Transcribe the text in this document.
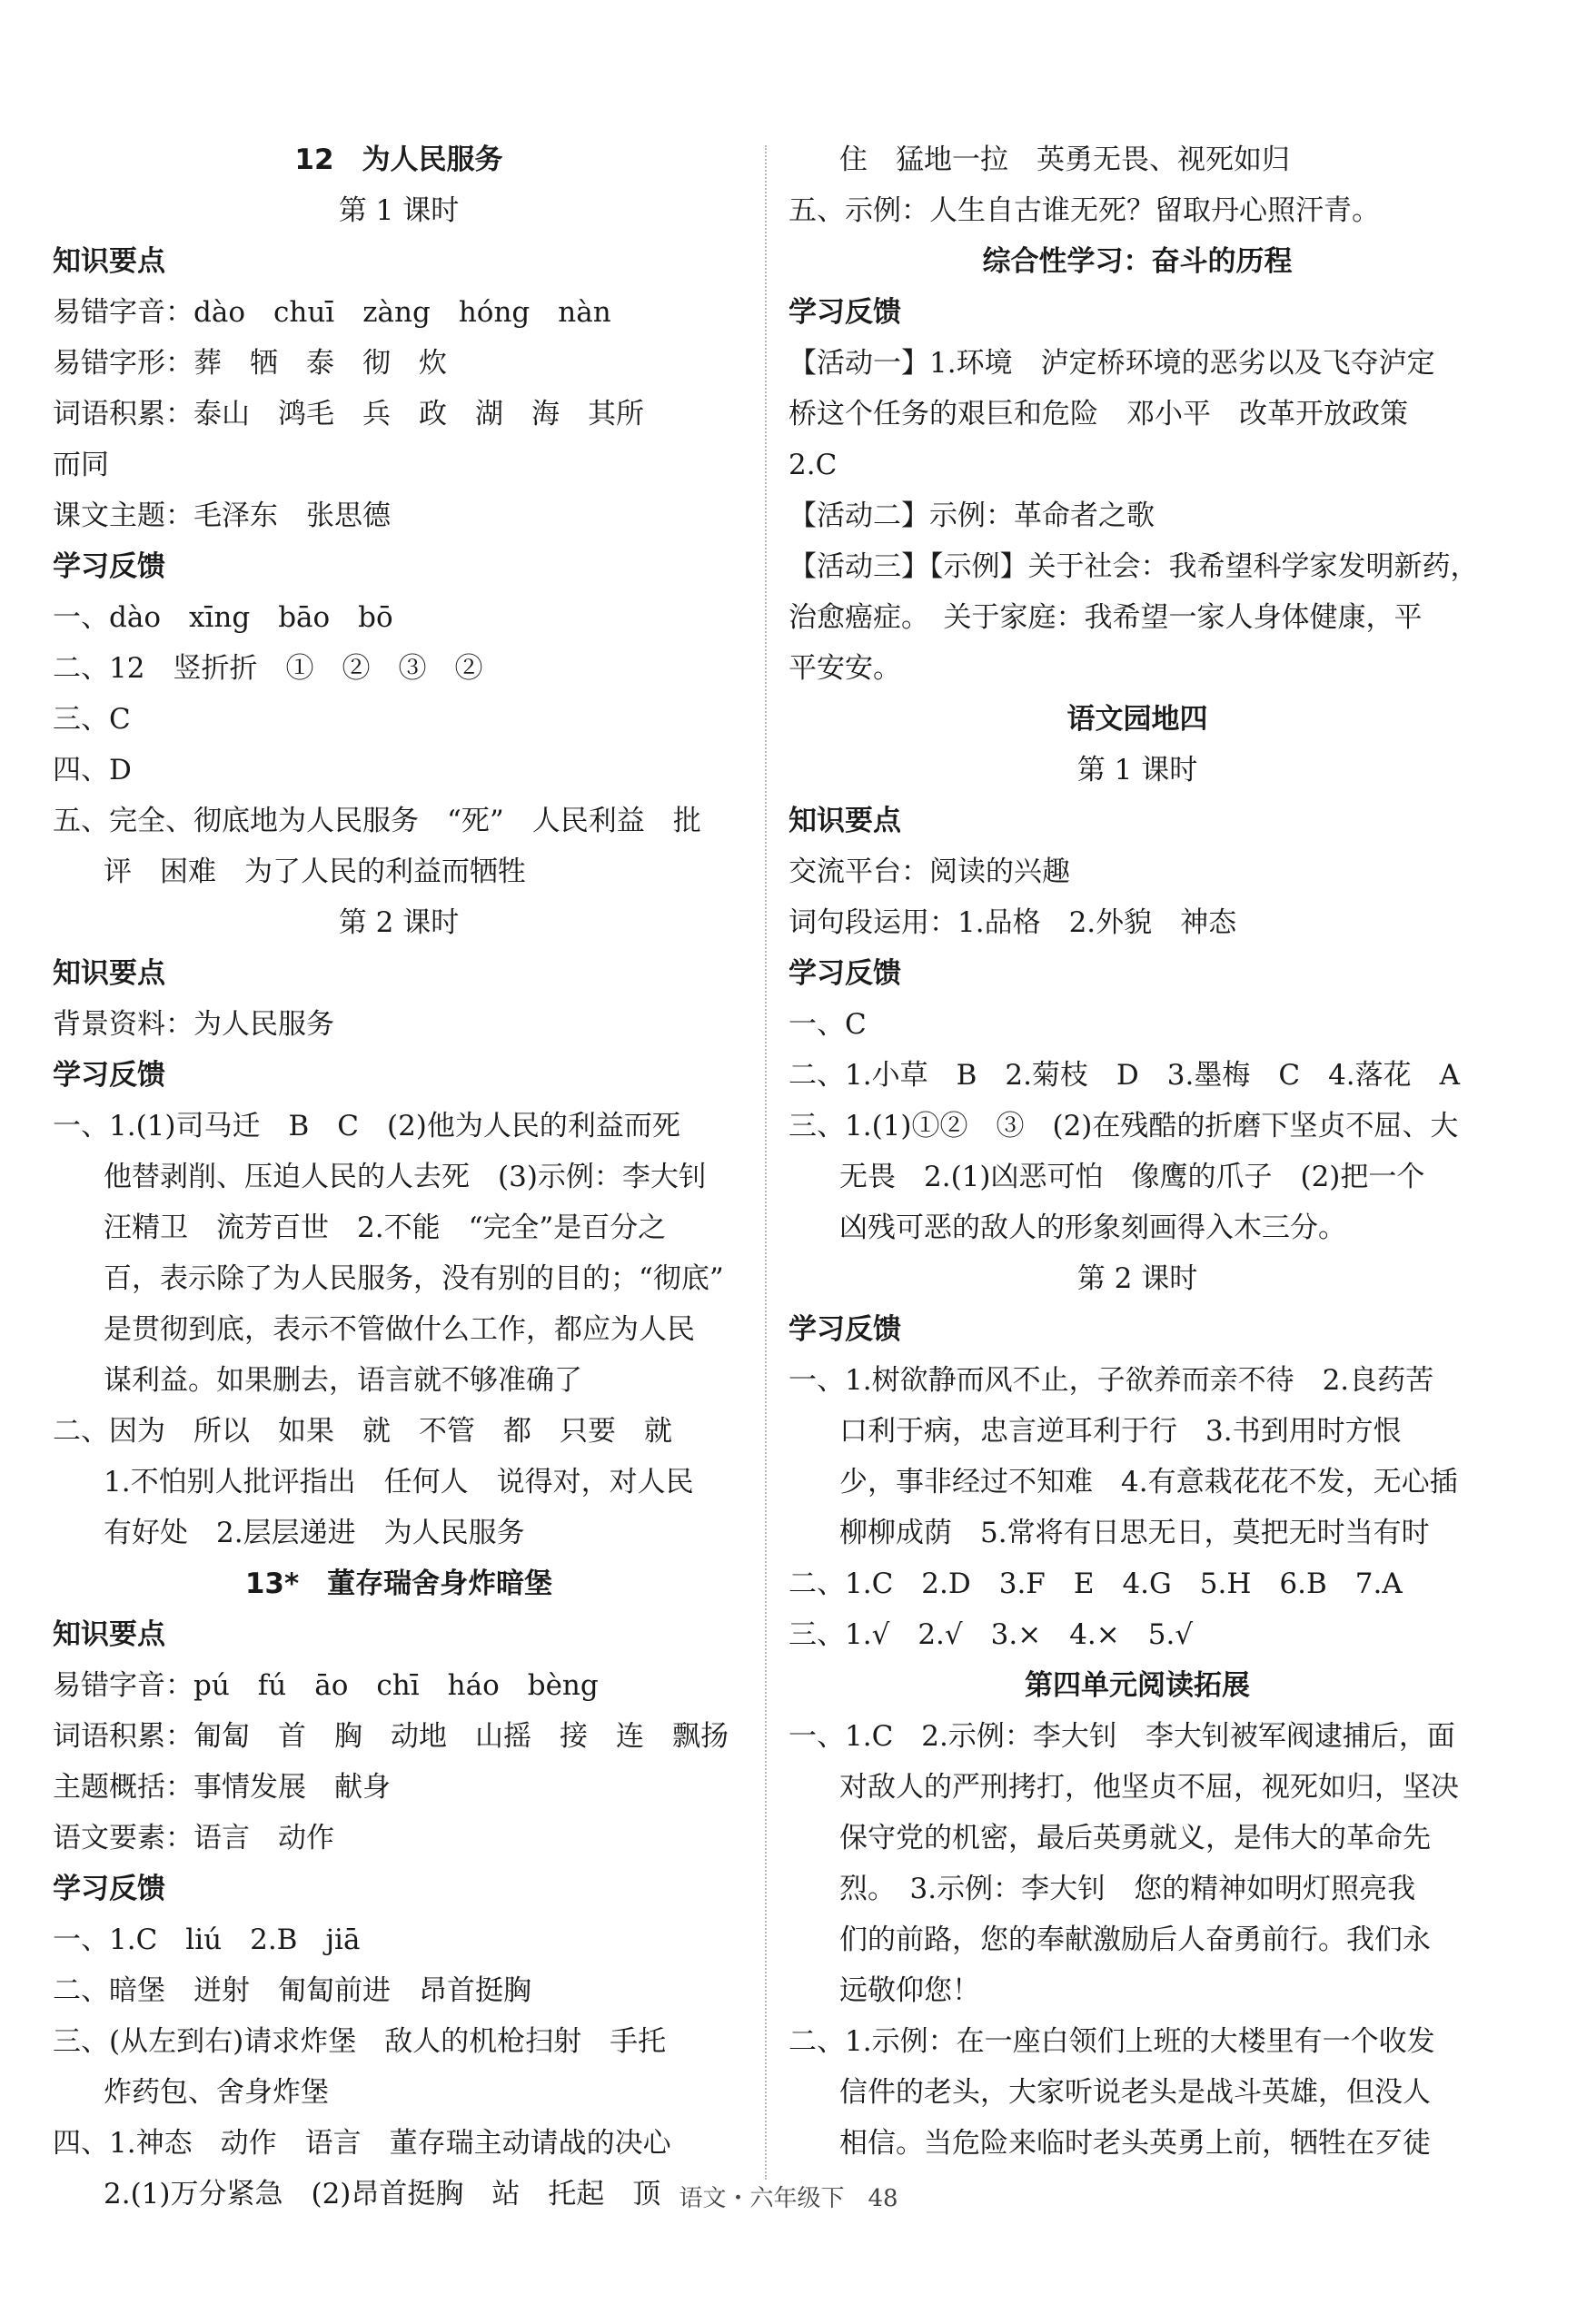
12　为人民服务
第 1 课时
知识要点
易错字音：dào　chuī　zàng　hóng　nàn
易错字形：葬　牺　泰　彻　炊
词语积累：泰山　鸿毛　兵　政　湖　海　其所
而同
课文主题：毛泽东　张思德
学习反馈
一、dào　xīng　bāo　bō
二、12　竖折折　①　②　③　②
三、C
四、D
五、完全、彻底地为人民服务　“死”　人民利益　批
评　困难　为了人民的利益而牺牲
第 2 课时
知识要点
背景资料：为人民服务
学习反馈
一、1.(1)司马迁　B　C　(2)他为人民的利益而死
他替剥削、压迫人民的人去死　(3)示例：李大钊
汪精卫　流芳百世　2.不能　“完全”是百分之
百，表示除了为人民服务，没有别的目的；“彻底”
是贯彻到底，表示不管做什么工作，都应为人民
谋利益。如果删去，语言就不够准确了
二、因为　所以　如果　就　不管　都　只要　就
1.不怕别人批评指出　任何人　说得对，对人民
有好处　2.层层递进　为人民服务
13*　董存瑞舍身炸暗堡
知识要点
易错字音：pú　fú　āo　chī　háo　bèng
词语积累：匍匐　首　胸　动地　山摇　接　连　飘扬
主题概括：事情发展　献身
语文要素：语言　动作
学习反馈
一、1.C　liú　2.B　jiā
二、暗堡　迸射　匍匐前进　昂首挺胸
三、(从左到右)请求炸堡　敌人的机枪扫射　手托
炸药包、舍身炸堡
四、1.神态　动作　语言　董存瑞主动请战的决心
2.(1)万分紧急　(2)昂首挺胸　站　托起　顶
住　猛地一拉　英勇无畏、视死如归
五、示例：人生自古谁无死？留取丹心照汗青。
综合性学习：奋斗的历程
学习反馈
【活动一】1.环境　泸定桥环境的恶劣以及飞夺泸定
桥这个任务的艰巨和危险　邓小平　改革开放政策
2.C
【活动二】示例：革命者之歌
【活动三】【示例】关于社会：我希望科学家发明新药，
治愈癌症。　关于家庭：我希望一家人身体健康，平
平安安。
语文园地四
第 1 课时
知识要点
交流平台：阅读的兴趣
词句段运用：1.品格　2.外貌　神态
学习反馈
一、C
二、1.小草　B　2.菊枝　D　3.墨梅　C　4.落花　A
三、1.(1)①②　③　(2)在残酷的折磨下坚贞不屈、大
无畏　2.(1)凶恶可怕　像鹰的爪子　(2)把一个
凶残可恶的敌人的形象刻画得入木三分。
第 2 课时
学习反馈
一、1.树欲静而风不止，子欲养而亲不待　2.良药苦
口利于病，忠言逆耳利于行　3.书到用时方恨
少，事非经过不知难　4.有意栽花花不发，无心插
柳柳成荫　5.常将有日思无日，莫把无时当有时
二、1.C　2.D　3.F　E　4.G　5.H　6.B　7.A
三、1.√　2.√　3.×　4.×　5.√
第四单元阅读拓展
一、1.C　2.示例：李大钊　李大钊被军阀逮捕后，面
对敌人的严刑拷打，他坚贞不屈，视死如归，坚决
保守党的机密，最后英勇就义，是伟大的革命先
烈。　3.示例：李大钊　您的精神如明灯照亮我
们的前路，您的奉献激励后人奋勇前行。我们永
远敬仰您！
二、1.示例：在一座白领们上班的大楼里有一个收发
信件的老头，大家听说老头是战斗英雄，但没人
相信。当危险来临时老头英勇上前，牺牲在歹徒
语文・六年级下　48
